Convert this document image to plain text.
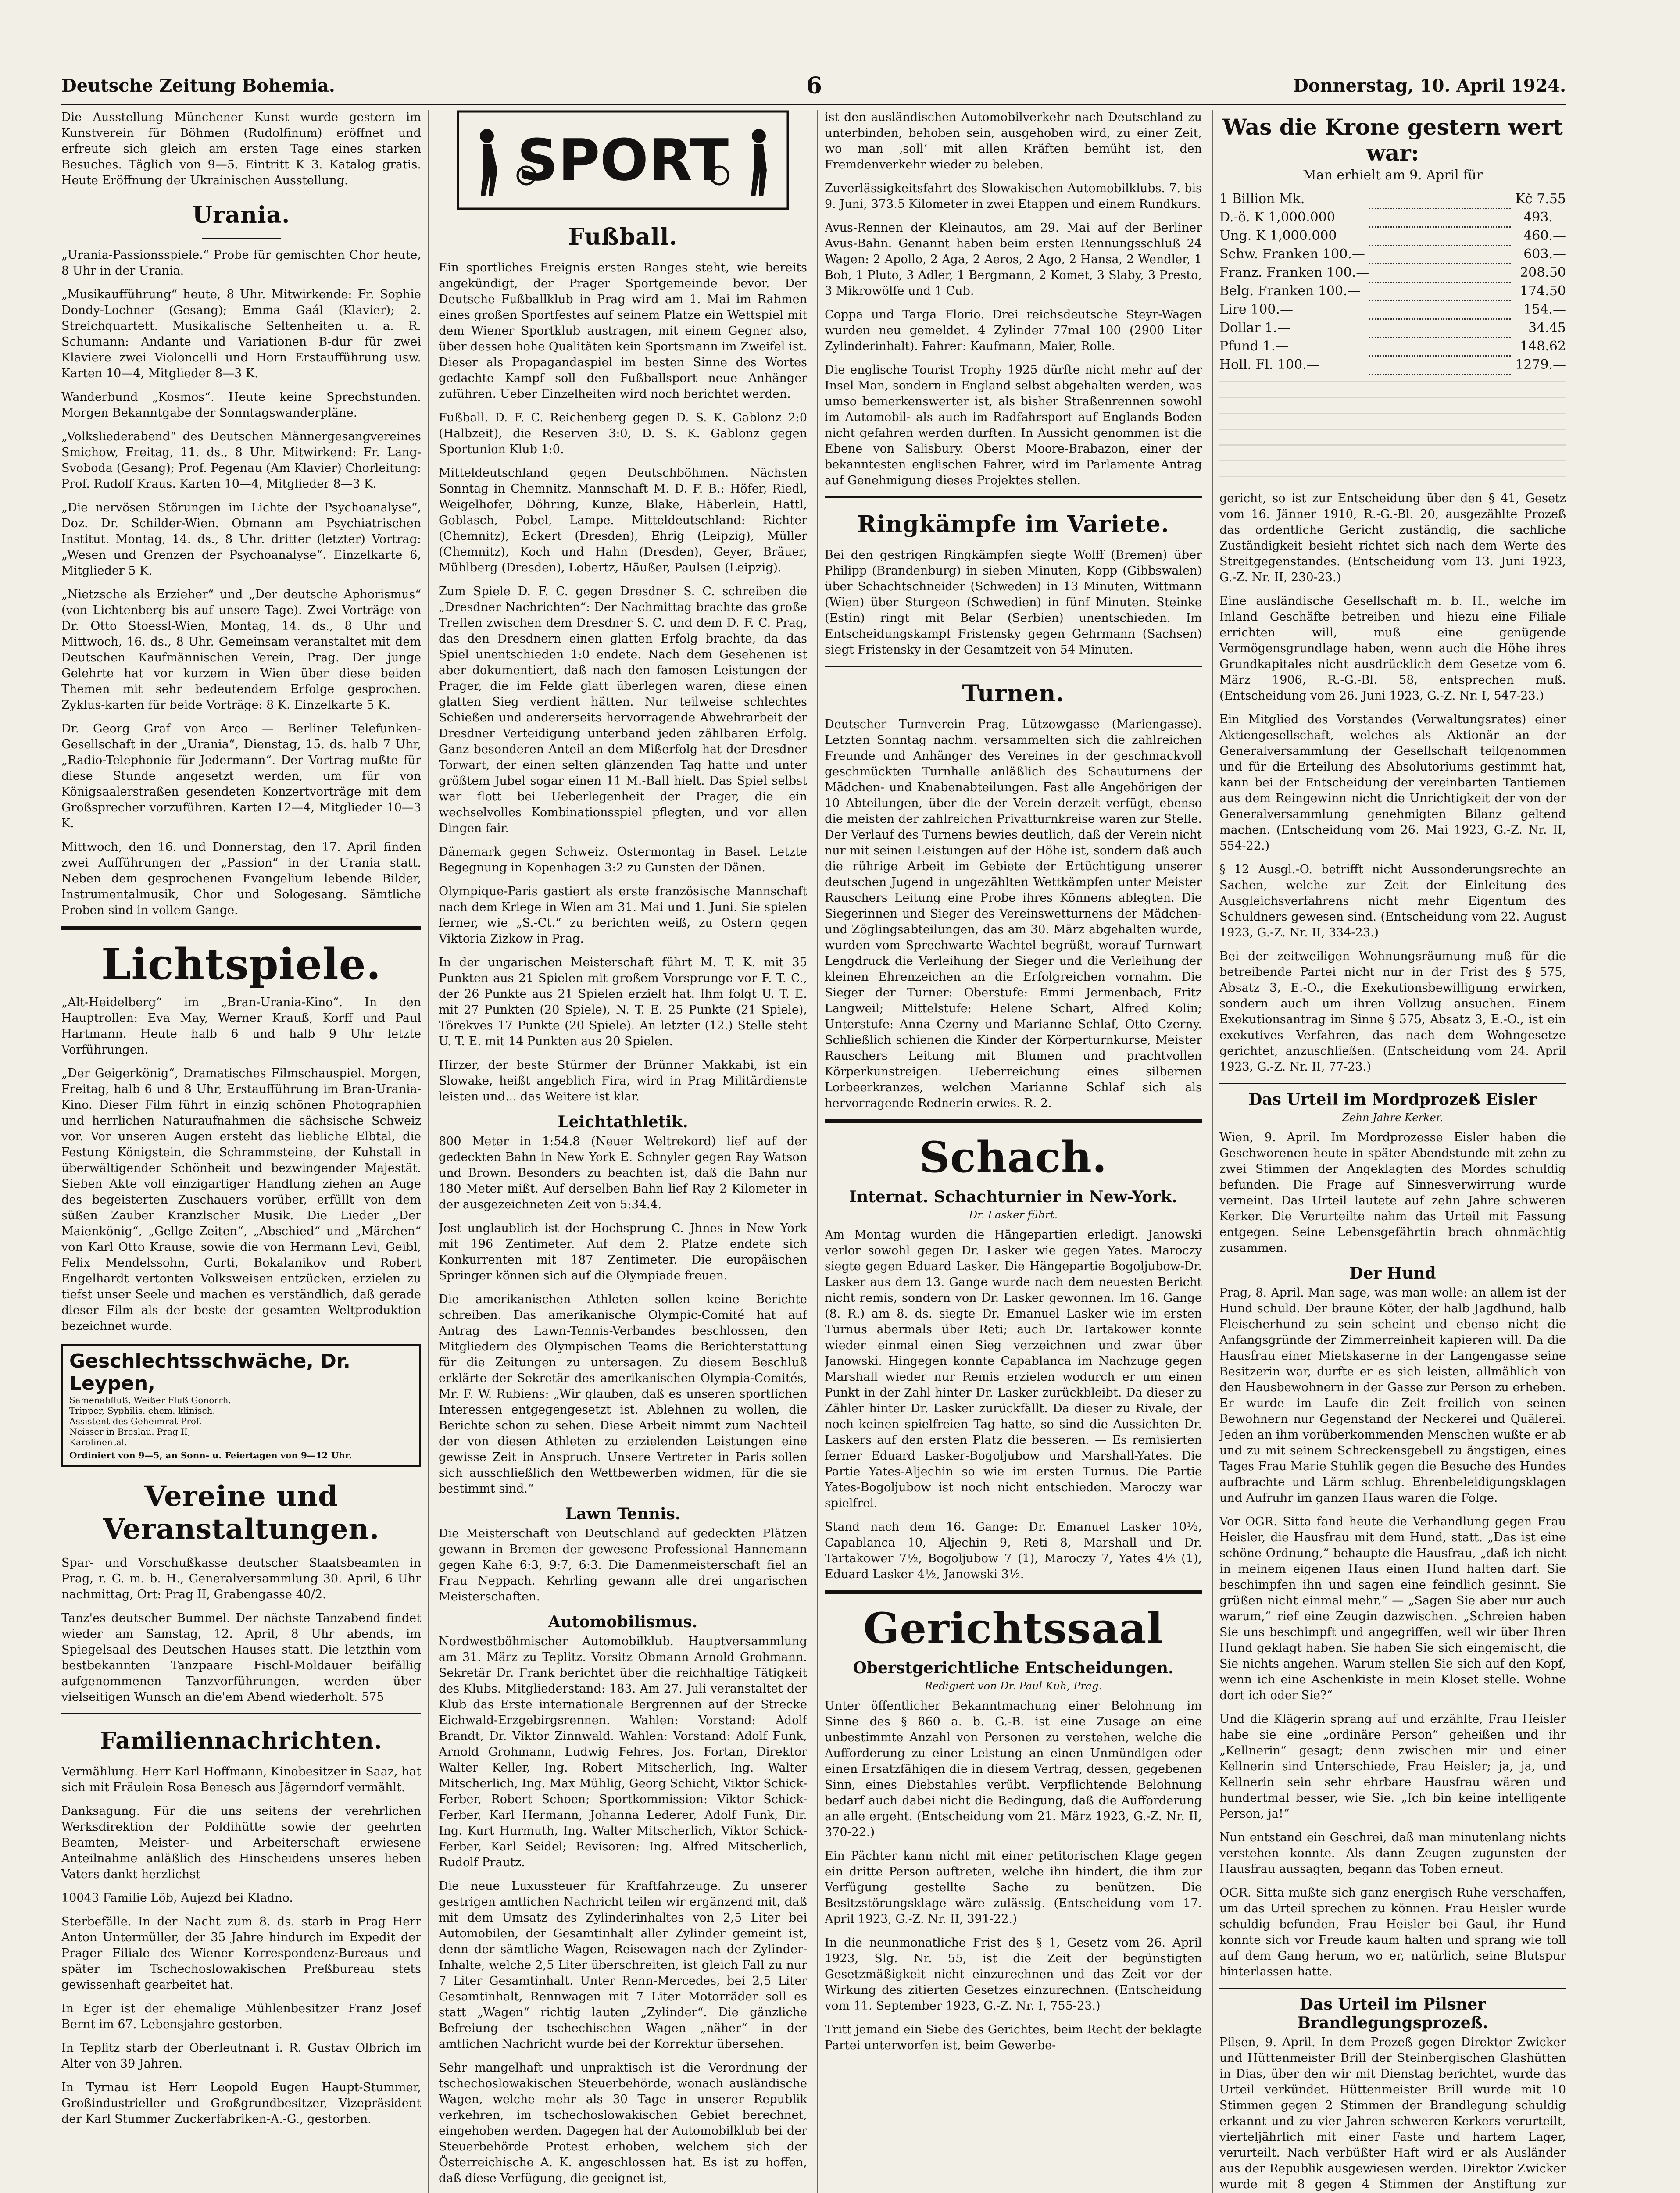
Deutsche Zeitung Bohemia.	6	Donnerstag, 10. April 1924.

Die Ausstellung Münchener Kunst wurde gestern im Kunstverein für Böhmen (Rudolfinum) eröffnet und erfreute sich gleich am ersten Tage eines starken Besuches. Täglich von 9—5. Eintritt K 3. Katalog gratis. Heute Eröffnung der Ukrainischen Ausstellung.

Urania.

„Urania-Passionsspiele.“ Probe für gemischten Chor heute, 8 Uhr in der Urania.

„Musikaufführung“ heute, 8 Uhr. Mitwirkende: Fr. Sophie Dondy-Lochner (Gesang); Emma Gaál (Klavier); 2. Streichquartett. Musikalische Seltenheiten u. a. R. Schumann: Andante und Variationen B-dur für zwei Klaviere zwei Violoncelli und Horn Erstaufführung usw. Karten 10—4, Mitglieder 8—3 K.

Wanderbund „Kosmos“. Heute keine Sprechstunden. Morgen Bekanntgabe der Sonntagswanderpläne.

„Volksliederabend“ des Deutschen Männergesangvereines Smichow, Freitag, 11. ds., 8 Uhr. Mitwirkend: Fr. Lang-Svoboda (Gesang); Prof. Pegenau (Am Klavier) Chorleitung: Prof. Rudolf Kraus. Karten 10—4, Mitglieder 8—3 K.

„Die nervösen Störungen im Lichte der Psychoanalyse“, Doz. Dr. Schilder-Wien. Obmann am Psychiatrischen Institut. Montag, 14. ds., 8 Uhr. dritter (letzter) Vortrag: „Wesen und Grenzen der Psychoanalyse“. Einzelkarte 6, Mitglieder 5 K.

„Nietzsche als Erzieher“ und „Der deutsche Aphorismus“ (von Lichtenberg bis auf unsere Tage). Zwei Vorträge von Dr. Otto Stoessl-Wien, Montag, 14. ds., 8 Uhr und Mittwoch, 16. ds., 8 Uhr. Gemeinsam veranstaltet mit dem Deutschen Kaufmännischen Verein, Prag. Der junge Gelehrte hat vor kurzem in Wien über diese beiden Themen mit sehr bedeutendem Erfolge gesprochen. Zyklus-karten für beide Vorträge: 8 K. Einzelkarte 5 K.

Dr. Georg Graf von Arco — Berliner Telefunken-Gesellschaft in der „Urania“, Dienstag, 15. ds. halb 7 Uhr, „Radio-Telephonie für Jedermann“. Der Vortrag mußte für diese Stunde angesetzt werden, um für von Königsaalerstraßen gesendeten Konzertvorträge mit dem Großsprecher vorzuführen. Karten 12—4, Mitglieder 10—3 K.

Mittwoch, den 16. und Donnerstag, den 17. April finden zwei Aufführungen der „Passion“ in der Urania statt. Neben dem gesprochenen Evangelium lebende Bilder, Instrumentalmusik, Chor und Sologesang. Sämtliche Proben sind in vollem Gange.

Lichtspiele.

„Alt-Heidelberg“ im „Bran-Urania-Kino“. In den Hauptrollen: Eva May, Werner Krauß, Korff und Paul Hartmann. Heute halb 6 und halb 9 Uhr letzte Vorführungen.

„Der Geigerkönig“, Dramatisches Filmschauspiel. Morgen, Freitag, halb 6 und 8 Uhr, Erstaufführung im Bran-Urania-Kino. Dieser Film führt in einzig schönen Photographien und herrlichen Naturaufnahmen die sächsische Schweiz vor. Vor unseren Augen ersteht das liebliche Elbtal, die Festung Königstein, die Schrammsteine, der Kuhstall in überwältigender Schönheit und bezwingender Majestät. Sieben Akte voll einzigartiger Handlung ziehen an Auge des begeisterten Zuschauers vorüber, erfüllt von dem süßen Zauber Kranzlscher Musik. Die Lieder „Der Maienkönig“, „Gellge Zeiten“, „Abschied“ und „Märchen“ von Karl Otto Krause, sowie die von Hermann Levi, Geibl, Felix Mendelssohn, Curti, Bokalanikov und Robert Engelhardt vertonten Volksweisen entzücken, erzielen zu tiefst unser Seele und machen es verständlich, daß gerade dieser Film als der beste der gesamten Weltproduktion bezeichnet wurde.

Geschlechtsschwäche, Dr. Leypen, Samenabfluß, Weißer Fluß Gonorrh. Tripper, Syphilis. ehem. klinisch. Assistent des Geheimrat Prof. Neisser in Breslau. Prag II, Karolinental.
Ordiniert von 9—5, an Sonn- u. Feiertagen von 9—12 Uhr.
Vereine und Veranstaltungen.

Spar- und Vorschußkasse deutscher Staatsbeamten in Prag, r. G. m. b. H., Generalversammlung 30. April, 6 Uhr nachmittag, Ort: Prag II, Grabengasse 40/2.

Tanz'es deutscher Bummel. Der nächste Tanzabend findet wieder am Samstag, 12. April, 8 Uhr abends, im Spiegelsaal des Deutschen Hauses statt. Die letzthin vom bestbekannten Tanzpaare Fischl-Moldauer beifällig aufgenommenen Tanzvorführungen, werden über vielseitigen Wunsch an die'em Abend wiederholt. 575

Familiennachrichten.

Vermählung. Herr Karl Hoffmann, Kinobesitzer in Saaz, hat sich mit Fräulein Rosa Benesch aus Jägerndorf vermählt.

Danksagung. Für die uns seitens der verehrlichen Werksdirektion der Poldihütte sowie der geehrten Beamten, Meister- und Arbeiterschaft erwiesene Anteilnahme anläßlich des Hinscheidens unseres lieben Vaters dankt herzlichst

10043 Familie Löb, Aujezd bei Kladno.

Sterbefälle. In der Nacht zum 8. ds. starb in Prag Herr Anton Untermüller, der 35 Jahre hindurch im Expedit der Prager Filiale des Wiener Korrespondenz-Bureaus und später im Tschechoslowakischen Preßbureau stets gewissenhaft gearbeitet hat.

In Eger ist der ehemalige Mühlenbesitzer Franz Josef Bernt im 67. Lebensjahre gestorben.

In Teplitz starb der Oberleutnant i. R. Gustav Olbrich im Alter von 39 Jahren.

In Tyrnau ist Herr Leopold Eugen Haupt-Stummer, Großindustrieller und Großgrundbesitzer, Vizepräsident der Karl Stummer Zuckerfabriken-A.-G., gestorben.

SPORT
Fußball.

Ein sportliches Ereignis ersten Ranges steht, wie bereits angekündigt, der Prager Sportgemeinde bevor. Der Deutsche Fußballklub in Prag wird am 1. Mai im Rahmen eines großen Sportfestes auf seinem Platze ein Wettspiel mit dem Wiener Sportklub austragen, mit einem Gegner also, über dessen hohe Qualitäten kein Sportsmann im Zweifel ist. Dieser als Propagandaspiel im besten Sinne des Wortes gedachte Kampf soll den Fußballsport neue Anhänger zuführen. Ueber Einzelheiten wird noch berichtet werden.

Fußball. D. F. C. Reichenberg gegen D. S. K. Gablonz 2:0 (Halbzeit), die Reserven 3:0, D. S. K. Gablonz gegen Sportunion Klub 1:0.

Mitteldeutschland gegen Deutschböhmen. Nächsten Sonntag in Chemnitz. Mannschaft M. D. F. B.: Höfer, Riedl, Weigelhofer, Döhring, Kunze, Blake, Häberlein, Hattl, Goblasch, Pobel, Lampe. Mitteldeutschland: Richter (Chemnitz), Eckert (Dresden), Ehrig (Leipzig), Müller (Chemnitz), Koch und Hahn (Dresden), Geyer, Bräuer, Mühlberg (Dresden), Lobertz, Häußer, Paulsen (Leipzig).

Zum Spiele D. F. C. gegen Dresdner S. C. schreiben die „Dresdner Nachrichten“: Der Nachmittag brachte das große Treffen zwischen dem Dresdner S. C. und dem D. F. C. Prag, das den Dresdnern einen glatten Erfolg brachte, da das Spiel unentschieden 1:0 endete. Nach dem Gesehenen ist aber dokumentiert, daß nach den famosen Leistungen der Prager, die im Felde glatt überlegen waren, diese einen glatten Sieg verdient hätten. Nur teilweise schlechtes Schießen und andererseits hervorragende Abwehrarbeit der Dresdner Verteidigung unterband jeden zählbaren Erfolg. Ganz besonderen Anteil an dem Mißerfolg hat der Dresdner Torwart, der einen selten glänzenden Tag hatte und unter größtem Jubel sogar einen 11 M.-Ball hielt. Das Spiel selbst war flott bei Ueberlegenheit der Prager, die ein wechselvolles Kombinationsspiel pflegten, und vor allen Dingen fair.

Dänemark gegen Schweiz. Ostermontag in Basel. Letzte Begegnung in Kopenhagen 3:2 zu Gunsten der Dänen.

Olympique-Paris gastiert als erste französische Mannschaft nach dem Kriege in Wien am 31. Mai und 1. Juni. Sie spielen ferner, wie „S.-Ct.“ zu berichten weiß, zu Ostern gegen Viktoria Zizkow in Prag.

In der ungarischen Meisterschaft führt M. T. K. mit 35 Punkten aus 21 Spielen mit großem Vorsprunge vor F. T. C., der 26 Punkte aus 21 Spielen erzielt hat. Ihm folgt U. T. E. mit 27 Punkten (20 Spiele), N. T. E. 25 Punkte (21 Spiele), Törekves 17 Punkte (20 Spiele). An letzter (12.) Stelle steht U. T. E. mit 14 Punkten aus 20 Spielen.

Hirzer, der beste Stürmer der Brünner Makkabi, ist ein Slowake, heißt angeblich Fira, wird in Prag Militärdienste leisten und... das Weitere ist klar.

Leichtathletik.

800 Meter in 1:54.8 (Neuer Weltrekord) lief auf der gedeckten Bahn in New York E. Schnyler gegen Ray Watson und Brown. Besonders zu beachten ist, daß die Bahn nur 180 Meter mißt. Auf derselben Bahn lief Ray 2 Kilometer in der ausgezeichneten Zeit von 5:34.4.

Jost unglaublich ist der Hochsprung C. Jhnes in New York mit 196 Zentimeter. Auf dem 2. Platze endete sich Konkurrenten mit 187 Zentimeter. Die europäischen Springer können sich auf die Olympiade freuen.

Die amerikanischen Athleten sollen keine Berichte schreiben. Das amerikanische Olympic-Comité hat auf Antrag des Lawn-Tennis-Verbandes beschlossen, den Mitgliedern des Olympischen Teams die Berichterstattung für die Zeitungen zu untersagen. Zu diesem Beschluß erklärte der Sekretär des amerikanischen Olympia-Comités, Mr. F. W. Rubiens: „Wir glauben, daß es unseren sportlichen Interessen entgegengesetzt ist. Ablehnen zu wollen, die Berichte schon zu sehen. Diese Arbeit nimmt zum Nachteil der von diesen Athleten zu erzielenden Leistungen eine gewisse Zeit in Anspruch. Unsere Vertreter in Paris sollen sich ausschließlich den Wettbewerben widmen, für die sie bestimmt sind.“

Lawn Tennis.

Die Meisterschaft von Deutschland auf gedeckten Plätzen gewann in Bremen der gewesene Professional Hannemann gegen Kahe 6:3, 9:7, 6:3. Die Damenmeisterschaft fiel an Frau Neppach. Kehrling gewann alle drei ungarischen Meisterschaften.

Automobilismus.

Nordwestböhmischer Automobilklub. Hauptversammlung am 31. März zu Teplitz. Vorsitz Obmann Arnold Grohmann. Sekretär Dr. Frank berichtet über die reichhaltige Tätigkeit des Klubs. Mitgliederstand: 183. Am 27. Juli veranstaltet der Klub das Erste internationale Bergrennen auf der Strecke Eichwald-Erzgebirgsrennen. Wahlen: Vorstand: Adolf Brandt, Dr. Viktor Zinnwald. Wahlen: Vorstand: Adolf Funk, Arnold Grohmann, Ludwig Fehres, Jos. Fortan, Direktor Walter Keller, Ing. Robert Mitscherlich, Ing. Walter Mitscherlich, Ing. Max Mühlig, Georg Schicht, Viktor Schick-Ferber, Robert Schoen; Sportkommission: Viktor Schick-Ferber, Karl Hermann, Johanna Lederer, Adolf Funk, Dir. Ing. Kurt Hurmuth, Ing. Walter Mitscherlich, Viktor Schick-Ferber, Karl Seidel; Revisoren: Ing. Alfred Mitscherlich, Rudolf Prautz.

Die neue Luxussteuer für Kraftfahrzeuge. Zu unserer gestrigen amtlichen Nachricht teilen wir ergänzend mit, daß mit dem Umsatz des Zylinderinhaltes von 2,5 Liter bei Automobilen, der Gesamtinhalt aller Zylinder gemeint ist, denn der sämtliche Wagen, Reisewagen nach der Zylinder-Inhalte, welche 2,5 Liter überschreiten, ist gleich Fall zu nur 7 Liter Gesamtinhalt. Unter Renn-Mercedes, bei 2,5 Liter Gesamtinhalt, Rennwagen mit 7 Liter Motorräder soll es statt „Wagen“ richtig lauten „Zylinder“. Die gänzliche Befreiung der tschechischen Wagen „näher“ in der amtlichen Nachricht wurde bei der Korrektur übersehen.

Sehr mangelhaft und unpraktisch ist die Verordnung der tschechoslowakischen Steuerbehörde, wonach ausländische Wagen, welche mehr als 30 Tage in unserer Republik verkehren, im tschechoslowakischen Gebiet berechnet, eingehoben werden. Dagegen hat der Automobilklub bei der Steuerbehörde Protest erhoben, welchem sich der Österreichische A. K. angeschlossen hat. Es ist zu hoffen, daß diese Verfügung, die geeignet ist,

ist den ausländischen Automobilverkehr nach Deutschland zu unterbinden, behoben sein, ausgehoben wird, zu einer Zeit, wo man ‚soll‘ mit allen Kräften bemüht ist, den Fremdenverkehr wieder zu beleben.

Zuverlässigkeitsfahrt des Slowakischen Automobilklubs. 7. bis 9. Juni, 373.5 Kilometer in zwei Etappen und einem Rundkurs.

Avus-Rennen der Kleinautos, am 29. Mai auf der Berliner Avus-Bahn. Genannt haben beim ersten Rennungsschluß 24 Wagen: 2 Apollo, 2 Aga, 2 Aeros, 2 Ago, 2 Hansa, 2 Wendler, 1 Bob, 1 Pluto, 3 Adler, 1 Bergmann, 2 Komet, 3 Slaby, 3 Presto, 3 Mikrowölfe und 1 Cub.

Coppa und Targa Florio. Drei reichsdeutsche Steyr-Wagen wurden neu gemeldet. 4 Zylinder 77mal 100 (2900 Liter Zylinderinhalt). Fahrer: Kaufmann, Maier, Rolle.

Die englische Tourist Trophy 1925 dürfte nicht mehr auf der Insel Man, sondern in England selbst abgehalten werden, was umso bemerkenswerter ist, als bisher Straßenrennen sowohl im Automobil- als auch im Radfahrsport auf Englands Boden nicht gefahren werden durften. In Aussicht genommen ist die Ebene von Salisbury. Oberst Moore-Brabazon, einer der bekanntesten englischen Fahrer, wird im Parlamente Antrag auf Genehmigung dieses Projektes stellen.

Ringkämpfe im Variete.

Bei den gestrigen Ringkämpfen siegte Wolff (Bremen) über Philipp (Brandenburg) in sieben Minuten, Kopp (Gibbswalen) über Schachtschneider (Schweden) in 13 Minuten, Wittmann (Wien) über Sturgeon (Schwedien) in fünf Minuten. Steinke (Estin) ringt mit Belar (Serbien) unentschieden. Im Entscheidungskampf Fristensky gegen Gehrmann (Sachsen) siegt Fristensky in der Gesamtzeit von 54 Minuten.

Turnen.

Deutscher Turnverein Prag, Lützowgasse (Mariengasse). Letzten Sonntag nachm. versammelten sich die zahlreichen Freunde und Anhänger des Vereines in der geschmackvoll geschmückten Turnhalle anläßlich des Schauturnens der Mädchen- und Knabenabteilungen. Fast alle Angehörigen der 10 Abteilungen, über die der Verein derzeit verfügt, ebenso die meisten der zahlreichen Privatturnkreise waren zur Stelle. Der Verlauf des Turnens bewies deutlich, daß der Verein nicht nur mit seinen Leistungen auf der Höhe ist, sondern daß auch die rührige Arbeit im Gebiete der Ertüchtigung unserer deutschen Jugend in ungezählten Wettkämpfen unter Meister Rauschers Leitung eine Probe ihres Könnens ablegten. Die Siegerinnen und Sieger des Vereinswetturnens der Mädchen- und Zöglingsabteilungen, das am 30. März abgehalten wurde, wurden vom Sprechwarte Wachtel begrüßt, worauf Turnwart Lengdruck die Verleihung der Sieger und die Verleihung der kleinen Ehrenzeichen an die Erfolgreichen vornahm. Die Sieger der Turner: Oberstufe: Emmi Jermenbach, Fritz Langweil; Mittelstufe: Helene Schart, Alfred Kolin; Unterstufe: Anna Czerny und Marianne Schlaf, Otto Czerny. Schließlich schienen die Kinder der Körperturnkurse, Meister Rauschers Leitung mit Blumen und prachtvollen Körperkunstreigen. Ueberreichung eines silbernen Lorbeerkranzes, welchen Marianne Schlaf sich als hervorragende Rednerin erwies. R. 2.

Schach.
Internat. Schachturnier in New-York.
Dr. Lasker führt.

Am Montag wurden die Hängepartien erledigt. Janowski verlor sowohl gegen Dr. Lasker wie gegen Yates. Maroczy siegte gegen Eduard Lasker. Die Hängepartie Bogoljubow-Dr. Lasker aus dem 13. Gange wurde nach dem neuesten Bericht nicht remis, sondern von Dr. Lasker gewonnen. Im 16. Gange (8. R.) am 8. ds. siegte Dr. Emanuel Lasker wie im ersten Turnus abermals über Reti; auch Dr. Tartakower konnte wieder einmal einen Sieg verzeichnen und zwar über Janowski. Hingegen konnte Capablanca im Nachzuge gegen Marshall wieder nur Remis erzielen wodurch er um einen Punkt in der Zahl hinter Dr. Lasker zurückbleibt. Da dieser zu Zähler hinter Dr. Lasker zurückfällt. Da dieser zu Rivale, der noch keinen spielfreien Tag hatte, so sind die Aussichten Dr. Laskers auf den ersten Platz die besseren. — Es remisierten ferner Eduard Lasker-Bogoljubow und Marshall-Yates. Die Partie Yates-Aljechin so wie im ersten Turnus. Die Partie Yates-Bogoljubow ist noch nicht entschieden. Maroczy war spielfrei.

Stand nach dem 16. Gange: Dr. Emanuel Lasker 10½, Capablanca 10, Aljechin 9, Reti 8, Marshall und Dr. Tartakower 7½, Bogoljubow 7 (1), Maroczy 7, Yates 4½ (1), Eduard Lasker 4½, Janowski 3½.

Gerichtssaal
Oberstgerichtliche Entscheidungen.
Redigiert von Dr. Paul Kuh, Prag.

Unter öffentlicher Bekanntmachung einer Belohnung im Sinne des § 860 a. b. G.-B. ist eine Zusage an eine unbestimmte Anzahl von Personen zu verstehen, welche die Aufforderung zu einer Leistung an einen Unmündigen oder einen Ersatzfähigen die in diesem Vertrag, dessen, gegebenen Sinn, eines Diebstahles verübt. Verpflichtende Belohnung bedarf auch dabei nicht die Bedingung, daß die Aufforderung an alle ergeht. (Entscheidung vom 21. März 1923, G.-Z. Nr. II, 370-22.)

Ein Pächter kann nicht mit einer petitorischen Klage gegen ein dritte Person auftreten, welche ihn hindert, die ihm zur Verfügung gestellte Sache zu benützen. Die Besitzstörungsklage wäre zulässig. (Entscheidung vom 17. April 1923, G.-Z. Nr. II, 391-22.)

In die neunmonatliche Frist des § 1, Gesetz vom 26. April 1923, Slg. Nr. 55, ist die Zeit der begünstigten Gesetzmäßigkeit nicht einzurechnen und das Zeit vor der Wirkung des zitierten Gesetzes einzurechnen. (Entscheidung vom 11. September 1923, G.-Z. Nr. I, 755-23.)

Tritt jemand ein Siebe des Gerichtes, beim Recht der beklagte Partei unterworfen ist, beim Gewerbe-

Was die Krone gestern wert war:
Man erhielt am 9. April für
1 Billion Mk.		Kč 7.55
D.-ö. K 1,000.000		493.—
Ung. K 1,000.000		460.—
Schw. Franken 100.—		603.—
Franz. Franken 100.—		208.50
Belg. Franken 100.—		174.50
Lire 100.—		154.—
Dollar 1.—		34.45
Pfund 1.—		148.62
Holl. Fl. 100.—		1279.—

gericht, so ist zur Entscheidung über den § 41, Gesetz vom 16. Jänner 1910, R.-G.-Bl. 20, ausgezählte Prozeß das ordentliche Gericht zuständig, die sachliche Zuständigkeit besieht richtet sich nach dem Werte des Streitgegenstandes. (Entscheidung vom 13. Juni 1923, G.-Z. Nr. II, 230-23.)

Eine ausländische Gesellschaft m. b. H., welche im Inland Geschäfte betreiben und hiezu eine Filiale errichten will, muß eine genügende Vermögensgrundlage haben, wenn auch die Höhe ihres Grundkapitales nicht ausdrücklich dem Gesetze vom 6. März 1906, R.-G.-Bl. 58, entsprechen muß. (Entscheidung vom 26. Juni 1923, G.-Z. Nr. I, 547-23.)

Ein Mitglied des Vorstandes (Verwaltungsrates) einer Aktiengesellschaft, welches als Aktionär an der Generalversammlung der Gesellschaft teilgenommen und für die Erteilung des Absolutoriums gestimmt hat, kann bei der Entscheidung der vereinbarten Tantiemen aus dem Reingewinn nicht die Unrichtigkeit der von der Generalversammlung genehmigten Bilanz geltend machen. (Entscheidung vom 26. Mai 1923, G.-Z. Nr. II, 554-22.)

§ 12 Ausgl.-O. betrifft nicht Aussonderungsrechte an Sachen, welche zur Zeit der Einleitung des Ausgleichsverfahrens nicht mehr Eigentum des Schuldners gewesen sind. (Entscheidung vom 22. August 1923, G.-Z. Nr. II, 334-23.)

Bei der zeitweiligen Wohnungsräumung muß für die betreibende Partei nicht nur in der Frist des § 575, Absatz 3, E.-O., die Exekutionsbewilligung erwirken, sondern auch um ihren Vollzug ansuchen. Einem Exekutionsantrag im Sinne § 575, Absatz 3, E.-O., ist ein exekutives Verfahren, das nach dem Wohngesetze gerichtet, anzuschließen. (Entscheidung vom 24. April 1923, G.-Z. Nr. II, 77-23.)

Das Urteil im Mordprozeß Eisler
Zehn Jahre Kerker.

Wien, 9. April. Im Mordprozesse Eisler haben die Geschworenen heute in später Abendstunde mit zehn zu zwei Stimmen der Angeklagten des Mordes schuldig befunden. Die Frage auf Sinnesverwirrung wurde verneint. Das Urteil lautete auf zehn Jahre schweren Kerker. Die Verurteilte nahm das Urteil mit Fassung entgegen. Seine Lebensgefährtin brach ohnmächtig zusammen.

Der Hund

Prag, 8. April. Man sage, was man wolle: an allem ist der Hund schuld. Der braune Köter, der halb Jagdhund, halb Fleischerhund zu sein scheint und ebenso nicht die Anfangsgründe der Zimmerreinheit kapieren will. Da die Hausfrau einer Mietskaserne in der Langengasse seine Besitzerin war, durfte er es sich leisten, allmählich von den Hausbewohnern in der Gasse zur Person zu erheben. Er wurde im Laufe die Zeit freilich von seinen Bewohnern nur Gegenstand der Neckerei und Quälerei. Jeden an ihm vorüberkommenden Menschen wußte er ab und zu mit seinem Schreckensgebell zu ängstigen, eines Tages Frau Marie Stuhlik gegen die Besuche des Hundes aufbrachte und Lärm schlug. Ehrenbeleidigungsklagen und Aufruhr im ganzen Haus waren die Folge.

Vor OGR. Sitta fand heute die Verhandlung gegen Frau Heisler, die Hausfrau mit dem Hund, statt. „Das ist eine schöne Ordnung,“ behaupte die Hausfrau, „daß ich nicht in meinem eigenen Haus einen Hund halten darf. Sie beschimpfen ihn und sagen eine feindlich gesinnt. Sie grüßen nicht einmal mehr.“ — „Sagen Sie aber nur auch warum,“ rief eine Zeugin dazwischen. „Schreien haben Sie uns beschimpft und angegriffen, weil wir über Ihren Hund geklagt haben. Sie haben Sie sich eingemischt, die Sie nichts angehen. Warum stellen Sie sich auf den Kopf, wenn ich eine Aschenkiste in mein Kloset stelle. Wohne dort ich oder Sie?“

Und die Klägerin sprang auf und erzählte, Frau Heisler habe sie eine „ordinäre Person“ geheißen und ihr „Kellnerin“ gesagt; denn zwischen mir und einer Kellnerin sind Unterschiede, Frau Heisler; ja, ja, und Kellnerin sein sehr ehrbare Hausfrau wären und hundertmal besser, wie Sie. „Ich bin keine intelligente Person, ja!“

Nun entstand ein Geschrei, daß man minutenlang nichts verstehen konnte. Als dann Zeugen zugunsten der Hausfrau aussagten, begann das Toben erneut.

OGR. Sitta mußte sich ganz energisch Ruhe verschaffen, um das Urteil sprechen zu können. Frau Heisler wurde schuldig befunden, Frau Heisler bei Gaul, ihr Hund konnte sich vor Freude kaum halten und sprang wie toll auf dem Gang herum, wo er, natürlich, seine Blutspur hinterlassen hatte.

Das Urteil im Pilsner Brandlegungsprozeß.

Pilsen, 9. April. In dem Prozeß gegen Direktor Zwicker und Hüttenmeister Brill der Steinbergischen Glashütten in Dias, über den wir mit Dienstag berichtet, wurde das Urteil verkündet. Hüttenmeister Brill wurde mit 10 Stimmen gegen 2 Stimmen der Brandlegung schuldig erkannt und zu vier Jahren schweren Kerkers verurteilt, vierteljährlich mit einer Faste und hartem Lager, verurteilt. Nach verbüßter Haft wird er als Ausländer aus der Republik ausgewiesen werden. Direktor Zwicker wurde mit 8 gegen 4 Stimmen der Anstiftung zur
